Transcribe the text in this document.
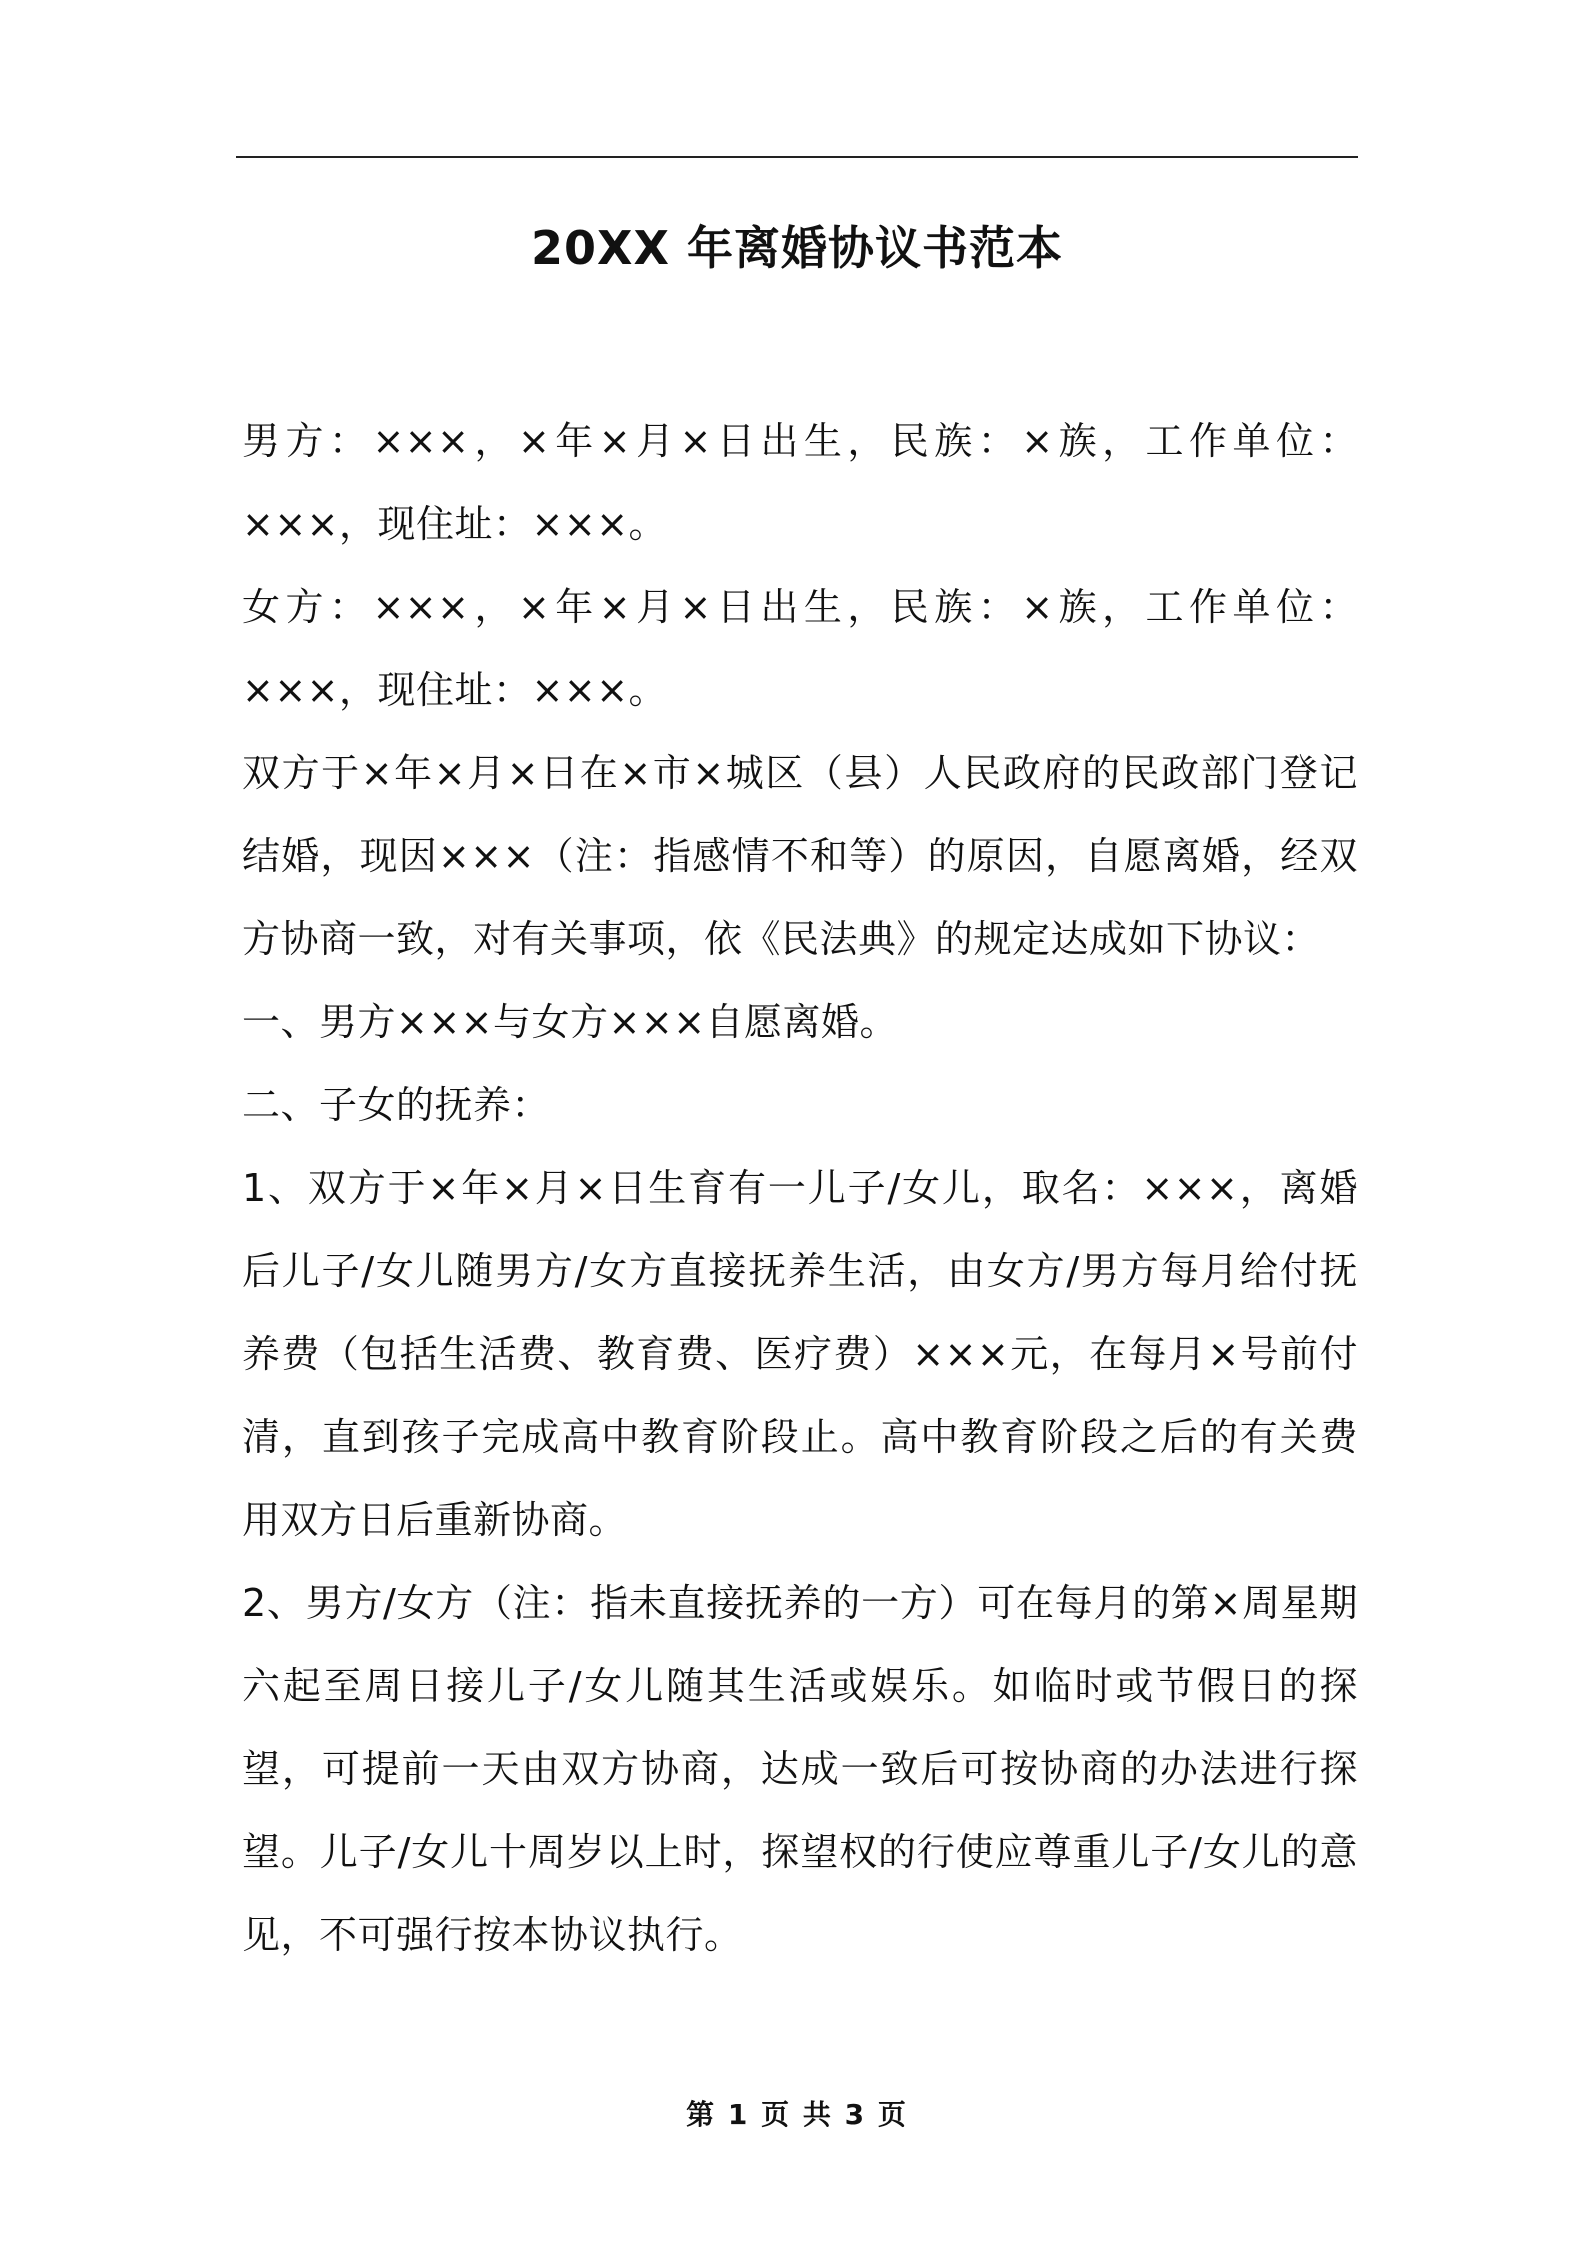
20XX 年离婚协议书范本

男方：×××，×年×月×日出生，民族：×族，工作单位：×××，现住址：×××。

女方：×××，×年×月×日出生，民族：×族，工作单位：×××，现住址：×××。

双方于×年×月×日在×市×城区（县）人民政府的民政部门登记结婚，现因×××（注：指感情不和等）的原因，自愿离婚，经双方协商一致，对有关事项，依《民法典》的规定达成如下协议：

一、男方×××与女方×××自愿离婚。

二、子女的抚养：

1、双方于×年×月×日生育有一儿子/女儿，取名：×××，离婚后儿子/女儿随男方/女方直接抚养生活，由女方/男方每月给付抚养费（包括生活费、教育费、医疗费）×××元，在每月×号前付清，直到孩子完成高中教育阶段止。高中教育阶段之后的有关费用双方日后重新协商。

2、男方/女方（注：指未直接抚养的一方）可在每月的第×周星期六起至周日接儿子/女儿随其生活或娱乐。如临时或节假日的探望，可提前一天由双方协商，达成一致后可按协商的办法进行探望。儿子/女儿十周岁以上时，探望权的行使应尊重儿子/女儿的意见，不可强行按本协议执行。

第 1 页 共 3 页
